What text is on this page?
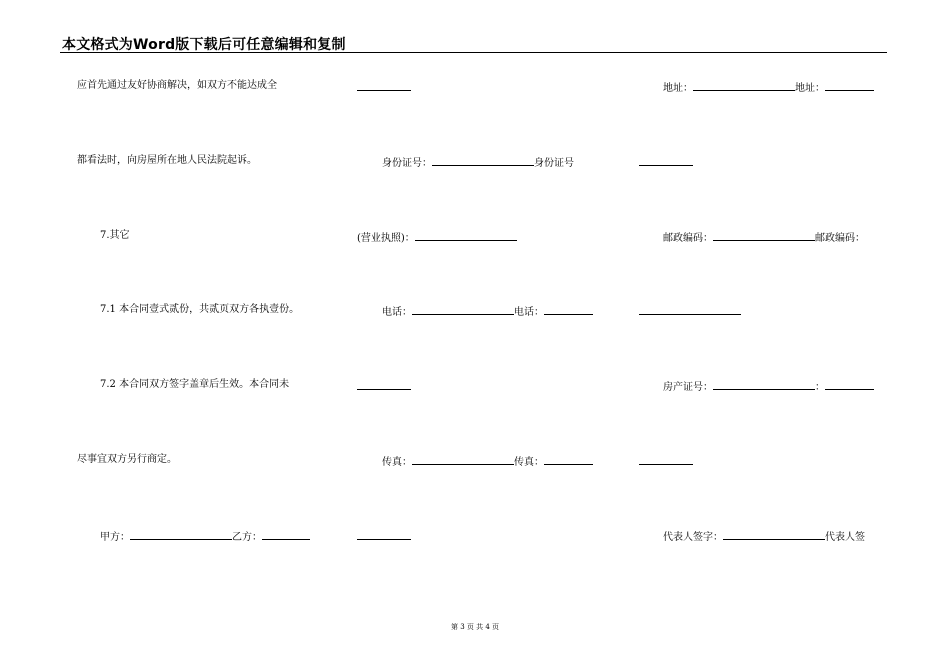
本文格式为Word版下载后可任意编辑和复制
应首先通过友好协商解决，如双方不能达成全	地址：	地址：
都看法时，向房屋所在地人民法院起诉。	身份证号：	身份证号
7.其它	(营业执照)：	邮政编码：	邮政编码：
7.1 本合同壹式贰份，共贰页双方各执壹份。	电话：	电话：
7.2 本合同双方签字盖章后生效。本合同未	房产证号：	：
尽事宜双方另行商定。	传真：	传真：
甲方：	乙方：	代表人签字：	代表人签
第 3 页 共 4 页
